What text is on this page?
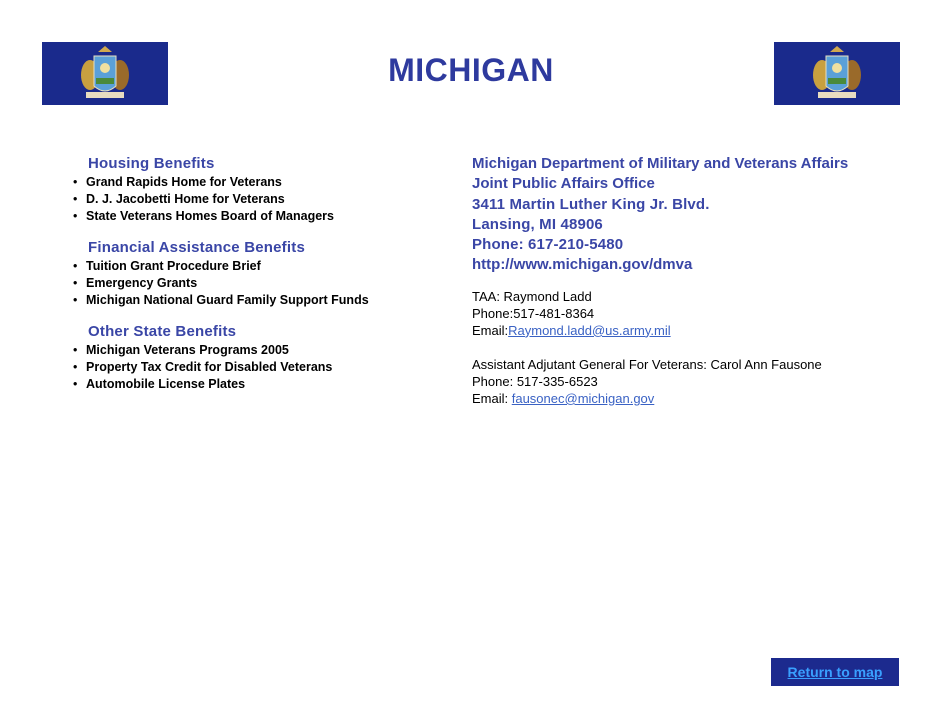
MICHIGAN
Housing Benefits
• Grand Rapids Home for Veterans
• D. J. Jacobetti Home for Veterans
• State Veterans Homes Board of Managers
Financial Assistance Benefits
• Tuition Grant Procedure Brief
• Emergency Grants
• Michigan National Guard Family Support Funds
Other State Benefits
• Michigan Veterans Programs 2005
• Property Tax Credit for Disabled Veterans
• Automobile License Plates
Michigan Department of Military and Veterans Affairs
Joint Public Affairs Office
3411 Martin Luther King Jr. Blvd.
Lansing, MI 48906
Phone: 617-210-5480
http://www.michigan.gov/dmva
TAA: Raymond Ladd
Phone:517-481-8364
Email:Raymond.ladd@us.army.mil
Assistant Adjutant General For Veterans: Carol Ann Fausone
Phone: 517-335-6523
Email: fausonec@michigan.gov
Return to map
